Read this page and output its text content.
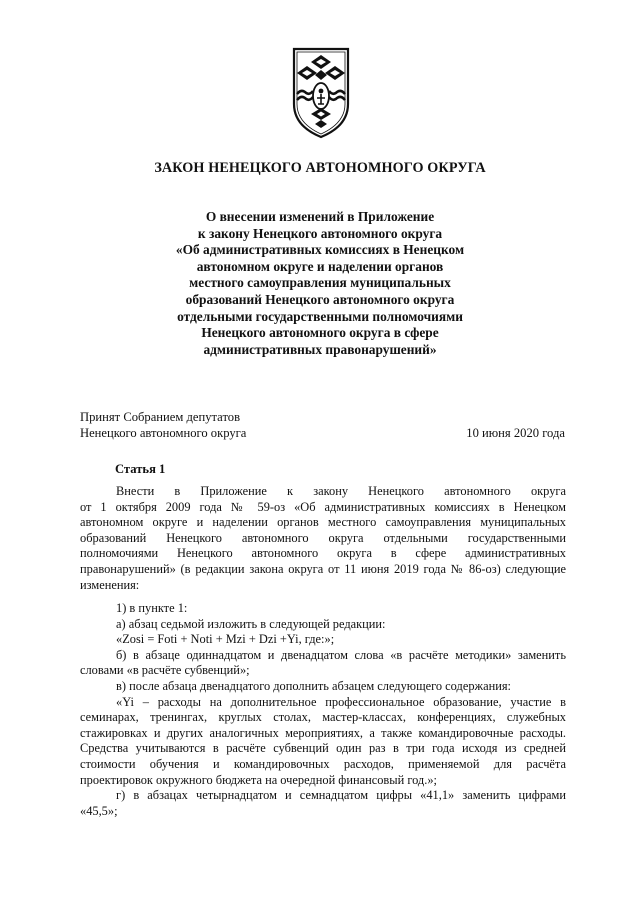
ЗАКОН НЕНЕЦКОГО АВТОНОМНОГО ОКРУГА
О внесении изменений в Приложение
к закону Ненецкого автономного округа
«Об административных комиссиях в Ненецком
автономном округе и наделении органов
местного самоуправления муниципальных
образований Ненецкого автономного округа
отдельными государственными полномочиями
Ненецкого автономного округа в сфере
административных правонарушений»
Принят Собранием депутатов
Ненецкого автономного округа	10 июня 2020 года
Статья 1
Внести в Приложение к закону Ненецкого автономного округа
от 1 октября 2009 года № 59-оз «Об административных комиссиях в Ненецком
автономном округе и наделении органов местного самоуправления муниципальных
образований Ненецкого автономного округа отдельными государственными
полномочиями Ненецкого автономного округа в сфере административных
правонарушений» (в редакции закона округа от 11 июня 2019 года № 86-оз) следующие
изменения:
1) в пункте 1:
а) абзац седьмой изложить в следующей редакции:
«Zosi = Foti + Noti + Mzi + Dzi +Yi, где:»;
б) в абзаце одиннадцатом и двенадцатом слова «в расчёте методики» заменить
словами «в расчёте субвенций»;
в) после абзаца двенадцатого дополнить абзацем следующего содержания:
«Yi – расходы на дополнительное профессиональное образование, участие в
семинарах, тренингах, круглых столах, мастер-классах, конференциях, служебных
стажировках и других аналогичных мероприятиях, а также командировочные расходы.
Средства учитываются в расчёте субвенций один раз в три года исходя из средней
стоимости обучения и командировочных расходов, применяемой для расчёта
проектировок окружного бюджета на очередной финансовый год.»;
г) в абзацах четырнадцатом и семнадцатом цифры «41,1» заменить цифрами
«45,5»;
